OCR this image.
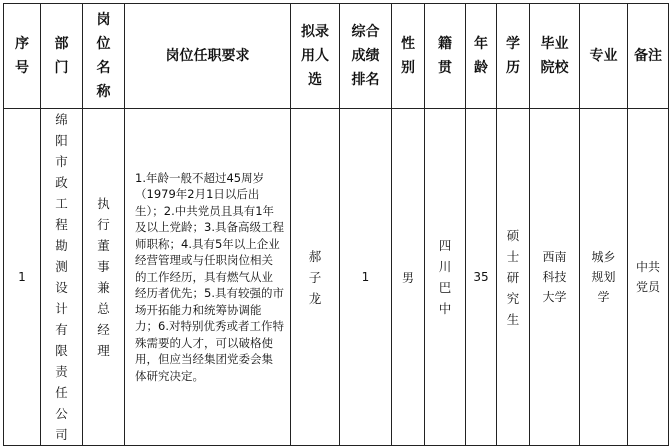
序号	部门	岗位名称	岗位任职要求	拟录用人选	综合成绩排名	性别	籍贯	年龄	学历	毕业院校	专业	备注
1	绵阳市政工程勘测设计有限责任公司	执行董事兼总经理	1.年龄一般不超过45周岁（1979年2月1日以后出生）；2.中共党员且具有1年及以上党龄；3.具备高级工程师职称；4.具有5年以上企业经营管理或与任职岗位相关的工作经历，具有燃气从业经历者优先；5.具有较强的市场开拓能力和统筹协调能力；6.对特别优秀或者工作特殊需要的人才，可以破格使用，但应当经集团党委会集体研究决定。	郝子龙	1	男	四川巴中	35	硕士研究生	西南科技大学	城乡规划学	中共党员
